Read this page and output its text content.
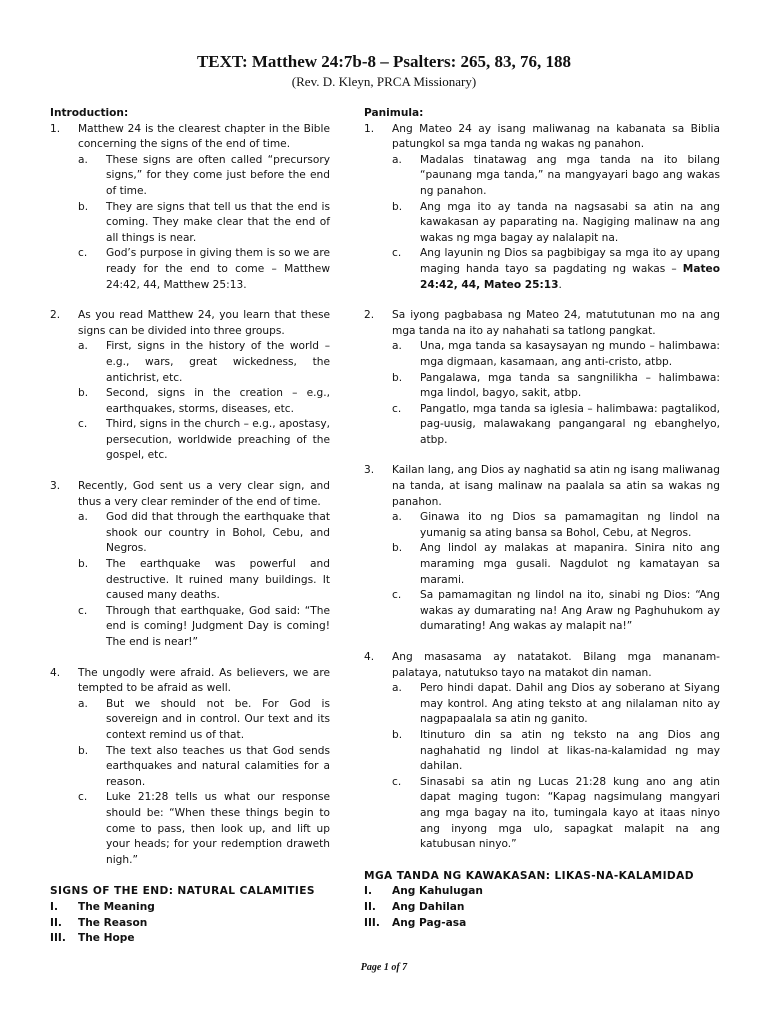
TEXT: Matthew 24:7b-8 – Psalters: 265, 83, 76, 188
(Rev. D. Kleyn, PRCA Missionary)
Introduction:
1. Matthew 24 is the clearest chapter in the Bible concerning the signs of the end of time.
a. These signs are often called “precursory signs,” for they come just before the end of time.
b. They are signs that tell us that the end is coming. They make clear that the end of all things is near.
c. God’s purpose in giving them is so we are ready for the end to come – Matthew 24:42, 44, Matthew 25:13.
2. As you read Matthew 24, you learn that these signs can be divided into three groups.
a. First, signs in the history of the world – e.g., wars, great wickedness, the antichrist, etc.
b. Second, signs in the creation – e.g., earthquakes, storms, diseases, etc.
c. Third, signs in the church – e.g., apostasy, persecution, worldwide preaching of the gospel, etc.
3. Recently, God sent us a very clear sign, and thus a very clear reminder of the end of time.
a. God did that through the earthquake that shook our country in Bohol, Cebu, and Negros.
b. The earthquake was powerful and destructive. It ruined many buildings. It caused many deaths.
c. Through that earthquake, God said: “The end is coming! Judgment Day is coming! The end is near!”
4. The ungodly were afraid. As believers, we are tempted to be afraid as well.
a. But we should not be. For God is sovereign and in control. Our text and its context remind us of that.
b. The text also teaches us that God sends earthquakes and natural calamities for a reason.
c. Luke 21:28 tells us what our response should be: “When these things begin to come to pass, then look up, and lift up your heads; for your redemption draweth nigh.”
SIGNS OF THE END: NATURAL CALAMITIES
I. The Meaning
II. The Reason
III. The Hope
Panimula:
1. Ang Mateo 24 ay isang maliwanag na kabanata sa Biblia patungkol sa mga tanda ng wakas ng panahon.
a. Madalas tinatawag ang mga tanda na ito bilang “paunang mga tanda,” na mangyayari bago ang wakas ng panahon.
b. Ang mga ito ay tanda na nagsasabi sa atin na ang kawakasan ay paparating na. Nagiging malinaw na ang wakas ng mga bagay ay nalalapit na.
c. Ang layunin ng Dios sa pagbibigay sa mga ito ay upang maging handa tayo sa pagdating ng wakas – Mateo 24:42, 44, Mateo 25:13.
2. Sa iyong pagbabasa ng Mateo 24, matututunan mo na ang mga tanda na ito ay nahahati sa tatlong pangkat.
a. Una, mga tanda sa kasaysayan ng mundo – halimbawa: mga digmaan, kasamaan, ang anti-cristo, atbp.
b. Pangalawa, mga tanda sa sangnilikha – halimbawa: mga lindol, bagyo, sakit, atbp.
c. Pangatlo, mga tanda sa iglesia – halimbawa: pagtalikod, pag-uusig, malawakang pangangaral ng ebanghelyo, atbp.
3. Kailan lang, ang Dios ay naghatid sa atin ng isang maliwanag na tanda, at isang malinaw na paalala sa atin sa wakas ng panahon.
a. Ginawa ito ng Dios sa pamamagitan ng lindol na yumanig sa ating bansa sa Bohol, Cebu, at Negros.
b. Ang lindol ay malakas at mapanira. Sinira nito ang maraming mga gusali. Nagdulot ng kamatayan sa marami.
c. Sa pamamagitan ng lindol na ito, sinabi ng Dios: “Ang wakas ay dumarating na! Ang Araw ng Paghuhukom ay dumarating! Ang wakas ay malapit na!”
4. Ang masasama ay natatakot. Bilang mga mananam-palataya, natutukso tayo na matakot din naman.
a. Pero hindi dapat. Dahil ang Dios ay soberano at Siyang may kontrol. Ang ating teksto at ang nilalaman nito ay nagpapaalala sa atin ng ganito.
b. Itinuturo din sa atin ng teksto na ang Dios ang naghahatid ng lindol at likas-na-kalamidad ng may dahilan.
c. Sinasabi sa atin ng Lucas 21:28 kung ano ang atin dapat maging tugon: “Kapag nagsimulang mangyari ang mga bagay na ito, tumingala kayo at itaas ninyo ang inyong mga ulo, sapagkat malapit na ang katubusan ninyo.”
MGA TANDA NG KAWAKASAN: LIKAS-NA-KALAMIDAD
I. Ang Kahulugan
II. Ang Dahilan
III. Ang Pag-asa
Page 1 of 7
